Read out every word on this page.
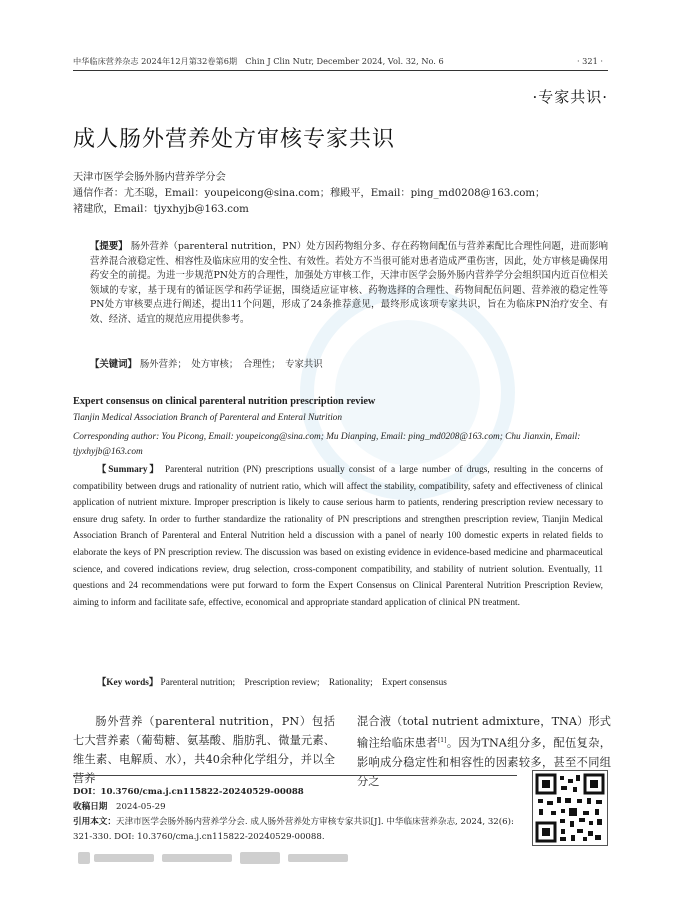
中华临床营养杂志 2024年12月第32卷第6期　Chin J Clin Nutr, December 2024, Vol. 32, No. 6	· 321 ·
·专家共识·
成人肠外营养处方审核专家共识
天津市医学会肠外肠内营养学分会
通信作者：尤丕聪，Email：youpeicong@sina.com；穆殿平，Email：ping_md0208@163.com；
褚建欣，Email：tjyxhyjb@163.com
【提要】 肠外营养（parenteral nutrition，PN）处方因药物组分多、存在药物间配伍与营养素配比合理性问题，进而影响营养混合液稳定性、相容性及临床应用的安全性、有效性。若处方不当很可能对患者造成严重伤害，因此，处方审核是确保用药安全的前提。为进一步规范PN处方的合理性，加强处方审核工作，天津市医学会肠外肠内营养学分会组织国内近百位相关领域的专家，基于现有的循证医学和药学证据，围绕适应证审核、药物选择的合理性、药物间配伍问题、营养液的稳定性等PN处方审核要点进行阐述，提出11个问题，形成了24条推荐意见，最终形成该项专家共识，旨在为临床PN治疗安全、有效、经济、适宜的规范应用提供参考。
【关键词】 肠外营养；　处方审核；　合理性；　专家共识
Expert consensus on clinical parenteral nutrition prescription review
Tianjin Medical Association Branch of Parenteral and Enteral Nutrition
Corresponding author: You Picong, Email: youpeicong@sina.com; Mu Dianping, Email: ping_md0208@163.com; Chu Jianxin, Email: tjyxhyjb@163.com
【Summary】 Parenteral nutrition (PN) prescriptions usually consist of a large number of drugs, resulting in the concerns of compatibility between drugs and rationality of nutrient ratio, which will affect the stability, compatibility, safety and effectiveness of clinical application of nutrient mixture. Improper prescription is likely to cause serious harm to patients, rendering prescription review necessary to ensure drug safety. In order to further standardize the rationality of PN prescriptions and strengthen prescription review, Tianjin Medical Association Branch of Parenteral and Enteral Nutrition held a discussion with a panel of nearly 100 domestic experts in related fields to elaborate the keys of PN prescription review. The discussion was based on existing evidence in evidence-based medicine and pharmaceutical science, and covered indications review, drug selection, cross-component compatibility, and stability of nutrient solution. Eventually, 11 questions and 24 recommendations were put forward to form the Expert Consensus on Clinical Parenteral Nutrition Prescription Review, aiming to inform and facilitate safe, effective, economical and appropriate standard application of clinical PN treatment.
【Key words】 Parenteral nutrition;　Prescription review;　Rationality;　Expert consensus
肠外营养（parenteral nutrition，PN）包括七大营养素（葡萄糖、氨基酸、脂肪乳、微量元素、维生素、电解质、水），共40余种化学组分，并以全营养
混合液（total nutrient admixture，TNA）形式输注给临床患者[1]。因为TNA组分多，配伍复杂，影响成分稳定性和相容性的因素较多，甚至不同组分之
DOI：10.3760/cma.j.cn115822-20240529-00088
收稿日期　 2024-05-29
引用本文：天津市医学会肠外肠内营养学分会. 成人肠外营养处方审核专家共识[J]. 中华临床营养杂志, 2024, 32(6): 321-330. DOI: 10.3760/cma.j.cn115822-20240529-00088.
